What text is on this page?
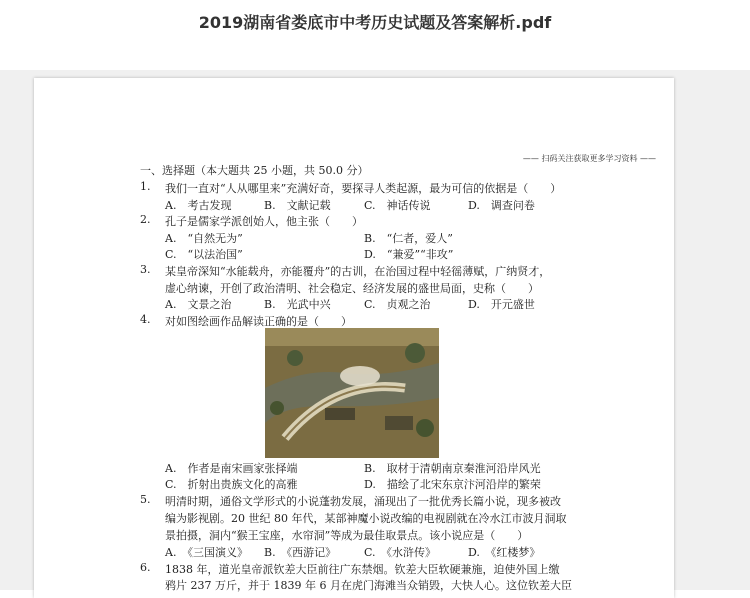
2019湖南省娄底市中考历史试题及答案解析.pdf
—— 扫码关注获取更多学习资料 ——
一、选择题（本大题共 25 小题，共 50.0 分）
1. 我们一直对“人从哪里来”充满好奇，要探寻人类起源，最为可信的依据是（　　）
A.　考古发现	B.　文献记载	C.　神话传说	D.　调查问卷
2. 孔子是儒家学派创始人，他主张（　　）
A.　“自然无为”	B.　“仁者，爱人”
C.　“以法治国”	D.　“兼爱”“非攻”
3. 某皇帝深知“水能载舟，亦能覆舟”的古训，在治国过程中轻徭薄赋，广纳贤才，
虚心纳谏，开创了政治清明、社会稳定、经济发展的盛世局面，史称（　　）
A.　文景之治	B.　光武中兴	C.　贞观之治	D.　开元盛世
4. 对如图绘画作品解读正确的是（　　）
A.　作者是南宋画家张择端	B.　取材于清朝南京秦淮河沿岸风光
C.　折射出贵族文化的高雅	D.　描绘了北宋东京汴河沿岸的繁荣
5. 明清时期，通俗文学形式的小说蓬勃发展，涌现出了一批优秀长篇小说，现多被改
编为影视剧。20 世纪 80 年代，某部神魔小说改编的电视剧就在冷水江市波月洞取
景拍摄，洞内“猴王宝座，水帘洞”等成为最佳取景点。该小说应是（　　）
A.　《三国演义》 B.　《西游记》	C.　《水浒传》	D.　《红楼梦》
6. 1838 年，道光皇帝派钦差大臣前往广东禁烟。钦差大臣软硬兼施，迫使外国上缴
鸦片 237 万斤，并于 1839 年 6 月在虎门海滩当众销毁，大快人心。这位钦差大臣
